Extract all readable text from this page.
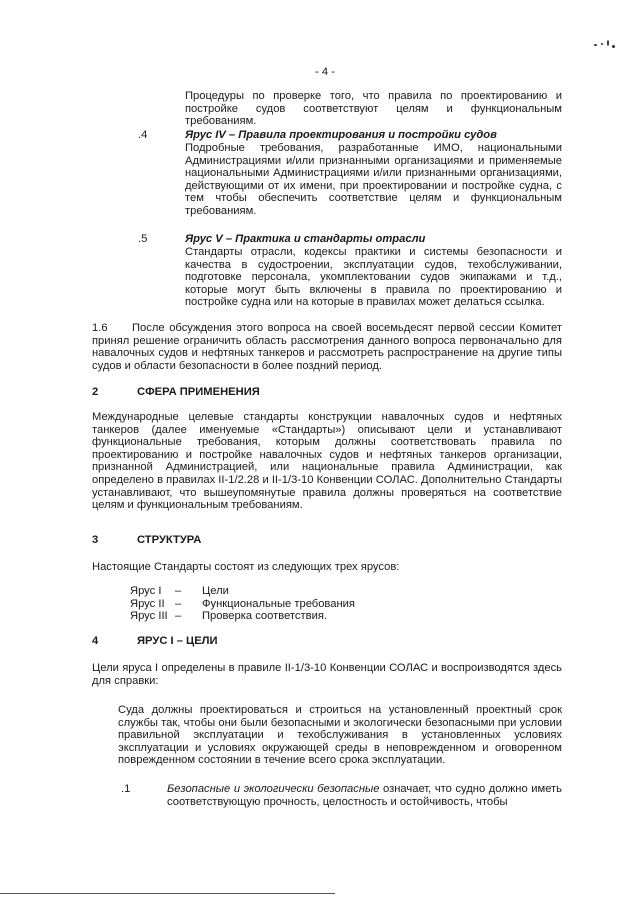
- 4 -
Процедуры по проверке того, что правила по проектированию и постройке судов соответствуют целям и функциональным требованиям.
.4	Ярус IV – Правила проектирования и постройки судов
Подробные требования, разработанные ИМО, национальными Администрациями и/или признанными организациями и применяемые национальными Администрациями и/или признанными организациями, действующими от их имени, при проектировании и постройке судна, с тем чтобы обеспечить соответствие целям и функциональным требованиям.
.5	Ярус V – Практика и стандарты отрасли
Стандарты отрасли, кодексы практики и системы безопасности и качества в судостроении, эксплуатации судов, техобслуживании, подготовке персонала, укомплектовании судов экипажами и т.д., которые могут быть включены в правила по проектированию и постройке судна или на которые в правилах может делаться ссылка.
1.6	После обсуждения этого вопроса на своей восемьдесят первой сессии Комитет принял решение ограничить область рассмотрения данного вопроса первоначально для навалочных судов и нефтяных танкеров и рассмотреть распространение на другие типы судов и области безопасности в более поздний период.
2	СФЕРА ПРИМЕНЕНИЯ
Международные целевые стандарты конструкции навалочных судов и нефтяных танкеров (далее именуемые «Стандарты») описывают цели и устанавливают функциональные требования, которым должны соответствовать правила по проектированию и постройке навалочных судов и нефтяных танкеров организации, признанной Администрацией, или национальные правила Администрации, как определено в правилах II-1/2.28 и II-1/3-10 Конвенции СОЛАС. Дополнительно Стандарты устанавливают, что вышеупомянутые правила должны проверяться на соответствие целям и функциональным требованиям.
3	СТРУКТУРА
Настоящие Стандарты состоят из следующих трех ярусов:
Ярус I	–	Цели
Ярус II –	Функциональные требования
Ярус III –	Проверка соответствия.
4	ЯРУС I – ЦЕЛИ
Цели яруса I определены в правиле II-1/3-10 Конвенции СОЛАС и воспроизводятся здесь для справки:
Суда должны проектироваться и строиться на установленный проектный срок службы так, чтобы они были безопасными и экологически безопасными при условии правильной эксплуатации и техобслуживания в установленных условиях эксплуатации и условиях окружающей среды в неповрежденном и оговоренном поврежденном состоянии в течение всего срока эксплуатации.
.1	Безопасные и экологически безопасные означает, что судно должно иметь соответствующую прочность, целостность и остойчивость, чтобы
